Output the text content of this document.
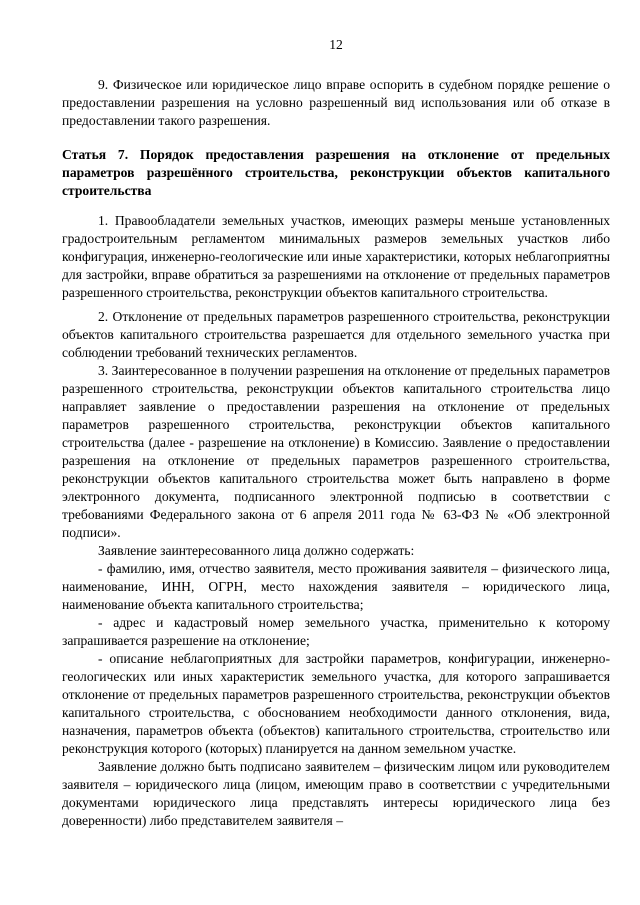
12

9. Физическое или юридическое лицо вправе оспорить в судебном порядке решение о предоставлении разрешения на условно разрешенный вид использования или об отказе в предоставлении такого разрешения.

Статья 7. Порядок предоставления разрешения на отклонение от предельных параметров разрешённого строительства, реконструкции объектов капитального строительства

1. Правообладатели земельных участков, имеющих размеры меньше установленных градостроительным регламентом минимальных размеров земельных участков либо конфигурация, инженерно-геологические или иные характеристики, которых неблагоприятны для застройки, вправе обратиться за разрешениями на отклонение от предельных параметров разрешенного строительства, реконструкции объектов капитального строительства.

2. Отклонение от предельных параметров разрешенного строительства, реконструкции объектов капитального строительства разрешается для отдельного земельного участка при соблюдении требований технических регламентов.

3. Заинтересованное в получении разрешения на отклонение от предельных параметров разрешенного строительства, реконструкции объектов капитального строительства лицо направляет заявление о предоставлении разрешения на отклонение от предельных параметров разрешенного строительства, реконструкции объектов капитального строительства (далее - разрешение на отклонение) в Комиссию. Заявление о предоставлении разрешения на отклонение от предельных параметров разрешенного строительства, реконструкции объектов капитального строительства может быть направлено в форме электронного документа, подписанного электронной подписью в соответствии с требованиями Федерального закона от 6 апреля 2011 года № 63-ФЗ № «Об электронной подписи».

Заявление заинтересованного лица должно содержать:

- фамилию, имя, отчество заявителя, место проживания заявителя – физического лица, наименование, ИНН, ОГРН, место нахождения заявителя – юридического лица, наименование объекта капитального строительства;

- адрес и кадастровый номер земельного участка, применительно к которому запрашивается разрешение на отклонение;

- описание неблагоприятных для застройки параметров, конфигурации, инженерно-геологических или иных характеристик земельного участка, для которого запрашивается отклонение от предельных параметров разрешенного строительства, реконструкции объектов капитального строительства, с обоснованием необходимости данного отклонения, вида, назначения, параметров объекта (объектов) капитального строительства, строительство или реконструкция которого (которых) планируется на данном земельном участке.

Заявление должно быть подписано заявителем – физическим лицом или руководителем заявителя – юридического лица (лицом, имеющим право в соответствии с учредительными документами юридического лица представлять интересы юридического лица без доверенности) либо представителем заявителя –
